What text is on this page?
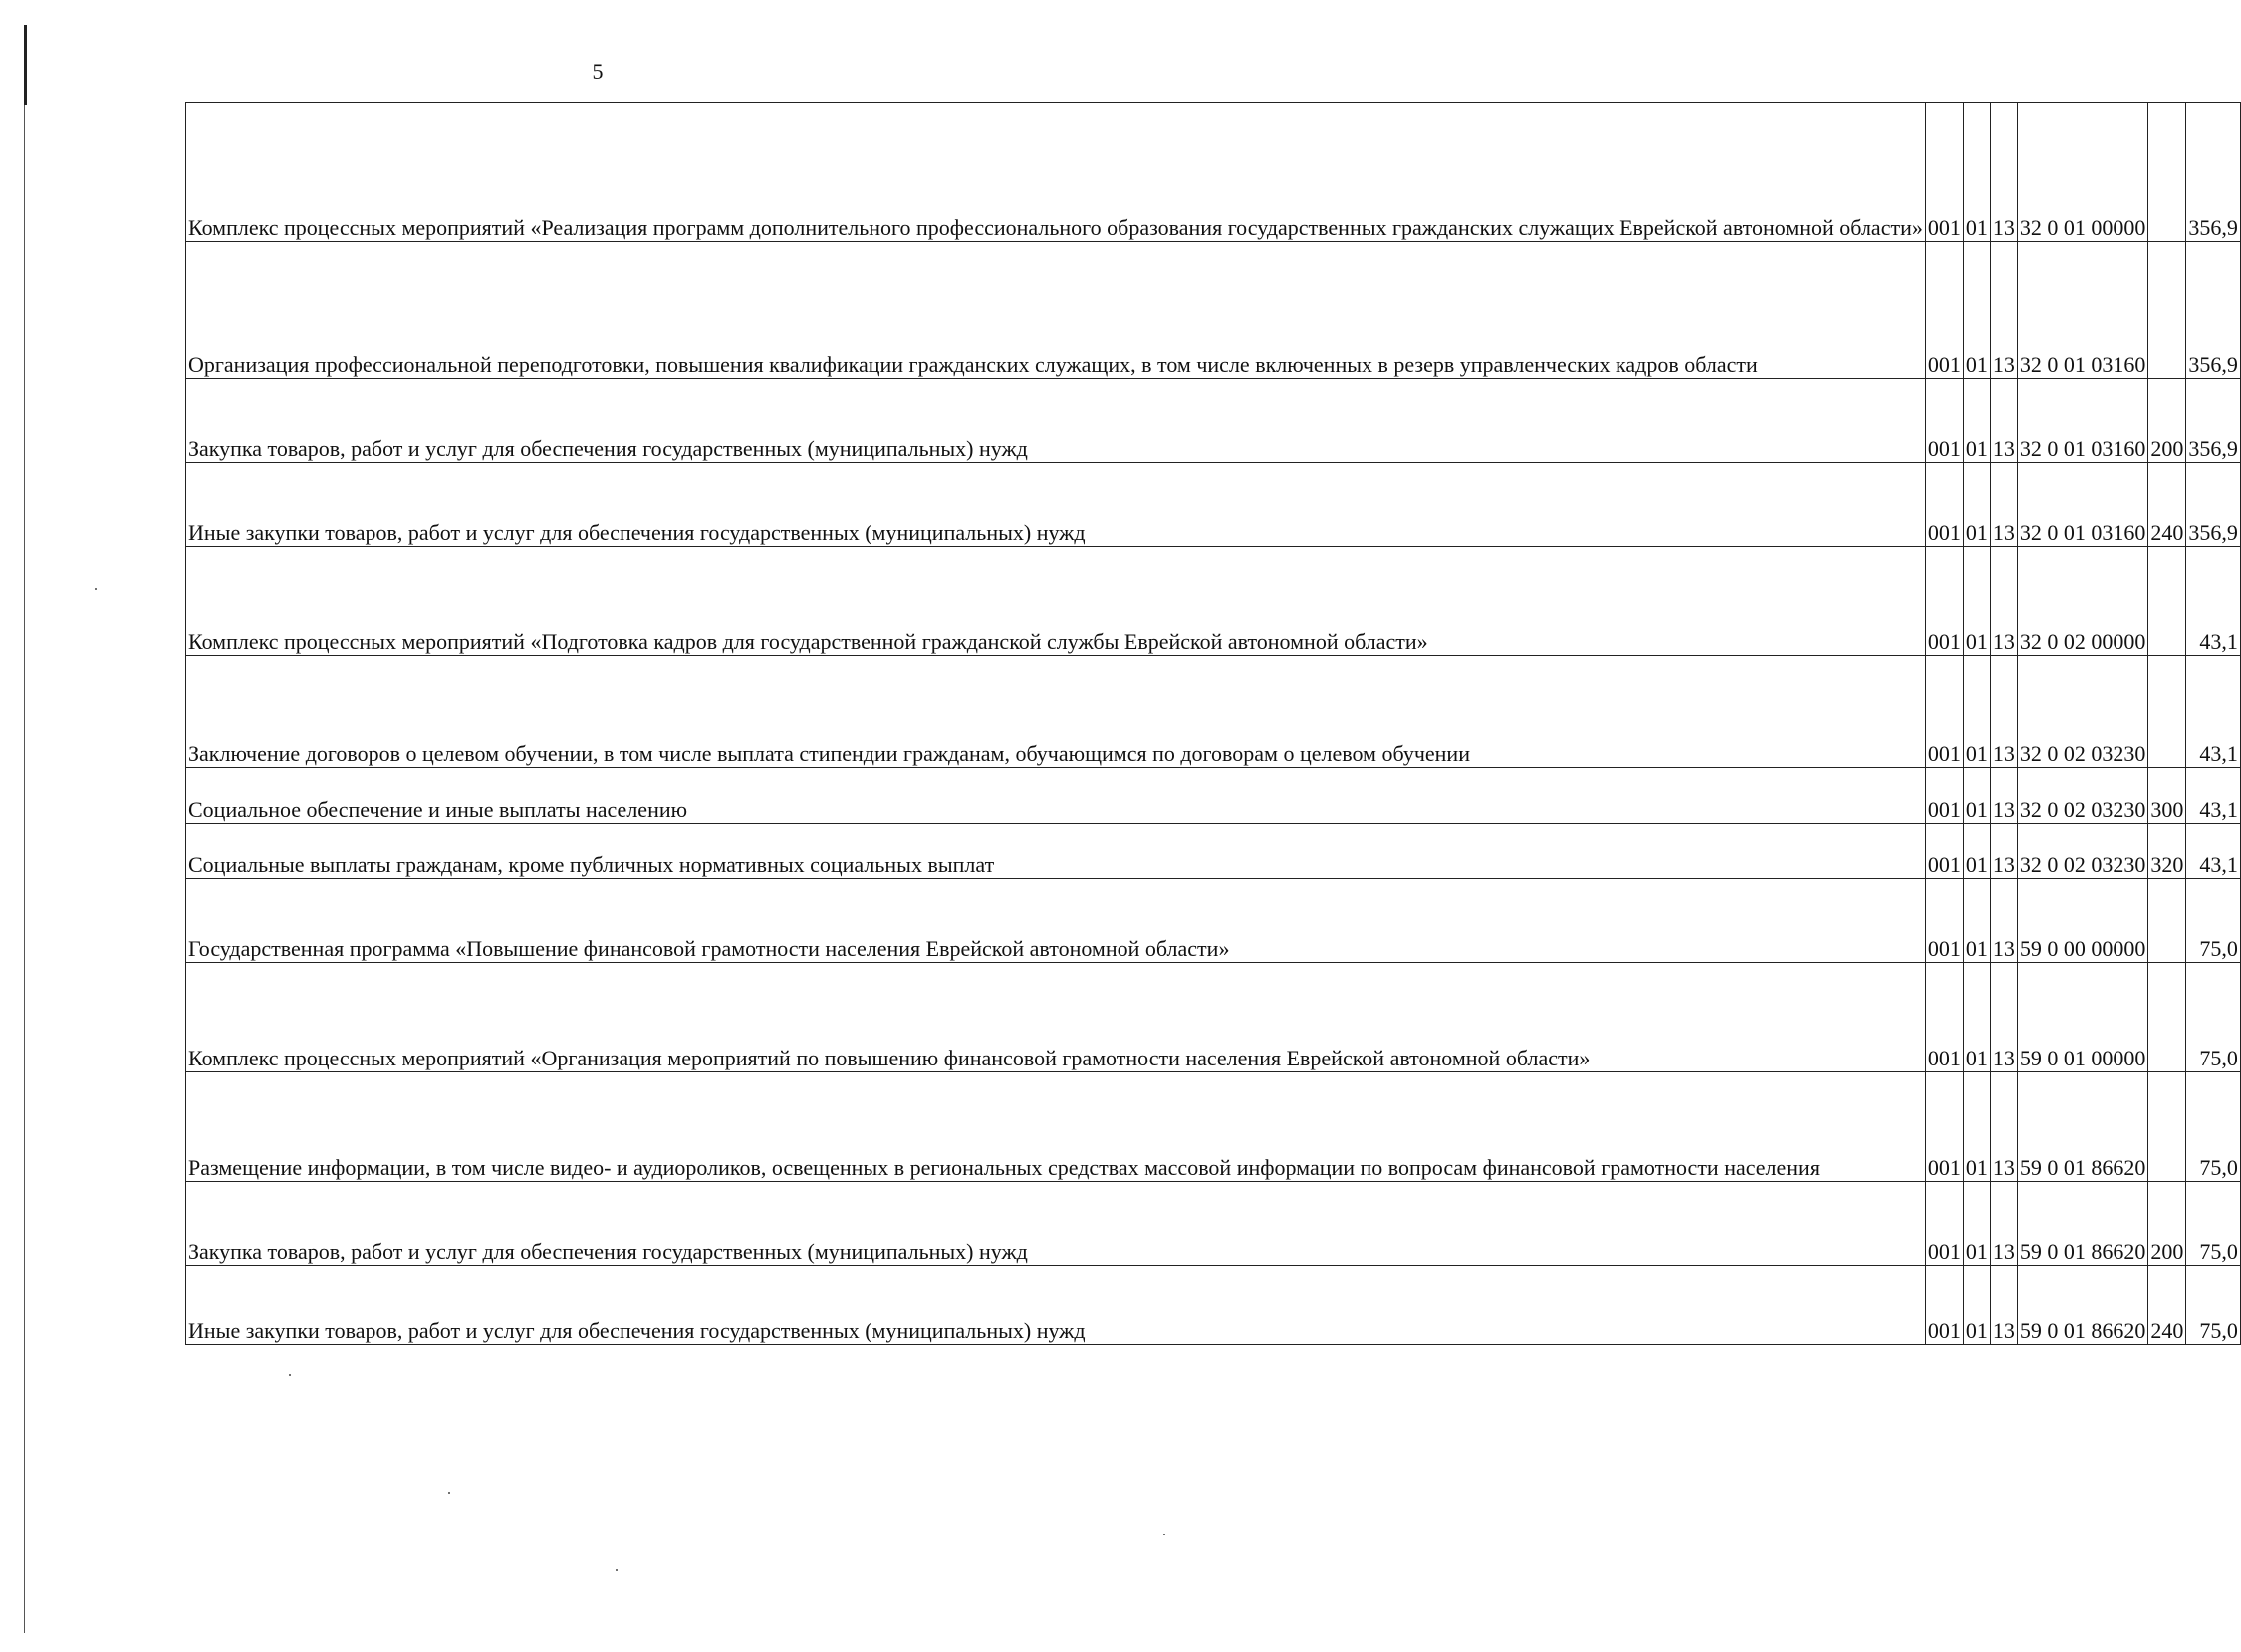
5
Комплекс процессных мероприятий «Реализация программ дополнительного профессионального образования государственных гражданских служащих Еврейской автономной области»	001	01	13	32 0 01 00000		356,9
Организация профессиональной переподготовки, повышения квалификации гражданских служащих, в том числе включенных в резерв управленческих кадров области	001	01	13	32 0 01 03160		356,9
Закупка товаров, работ и услуг для обеспечения государственных (муниципальных) нужд	001	01	13	32 0 01 03160	200	356,9
Иные закупки товаров, работ и услуг для обеспечения государственных (муниципальных) нужд	001	01	13	32 0 01 03160	240	356,9
Комплекс процессных мероприятий «Подготовка кадров для государственной гражданской службы Еврейской автономной области»	001	01	13	32 0 02 00000		43,1
Заключение договоров о целевом обучении, в том числе выплата стипендии гражданам, обучающимся по договорам о целевом обучении	001	01	13	32 0 02 03230		43,1
Социальное обеспечение и иные выплаты населению	001	01	13	32 0 02 03230	300	43,1
Социальные выплаты гражданам, кроме публичных нормативных социальных выплат	001	01	13	32 0 02 03230	320	43,1
Государственная программа «Повышение финансовой грамотности населения Еврейской автономной области»	001	01	13	59 0 00 00000		75,0
Комплекс процессных мероприятий «Организация мероприятий по повышению финансовой грамотности населения Еврейской автономной области»	001	01	13	59 0 01 00000		75,0
Размещение информации, в том числе видео- и аудиороликов, освещенных в региональных средствах массовой информации по вопросам финансовой грамотности населения	001	01	13	59 0 01 86620		75,0
Закупка товаров, работ и услуг для обеспечения государственных (муниципальных) нужд	001	01	13	59 0 01 86620	200	75,0
Иные закупки товаров, работ и услуг для обеспечения государственных (муниципальных) нужд	001	01	13	59 0 01 86620	240	75,0
